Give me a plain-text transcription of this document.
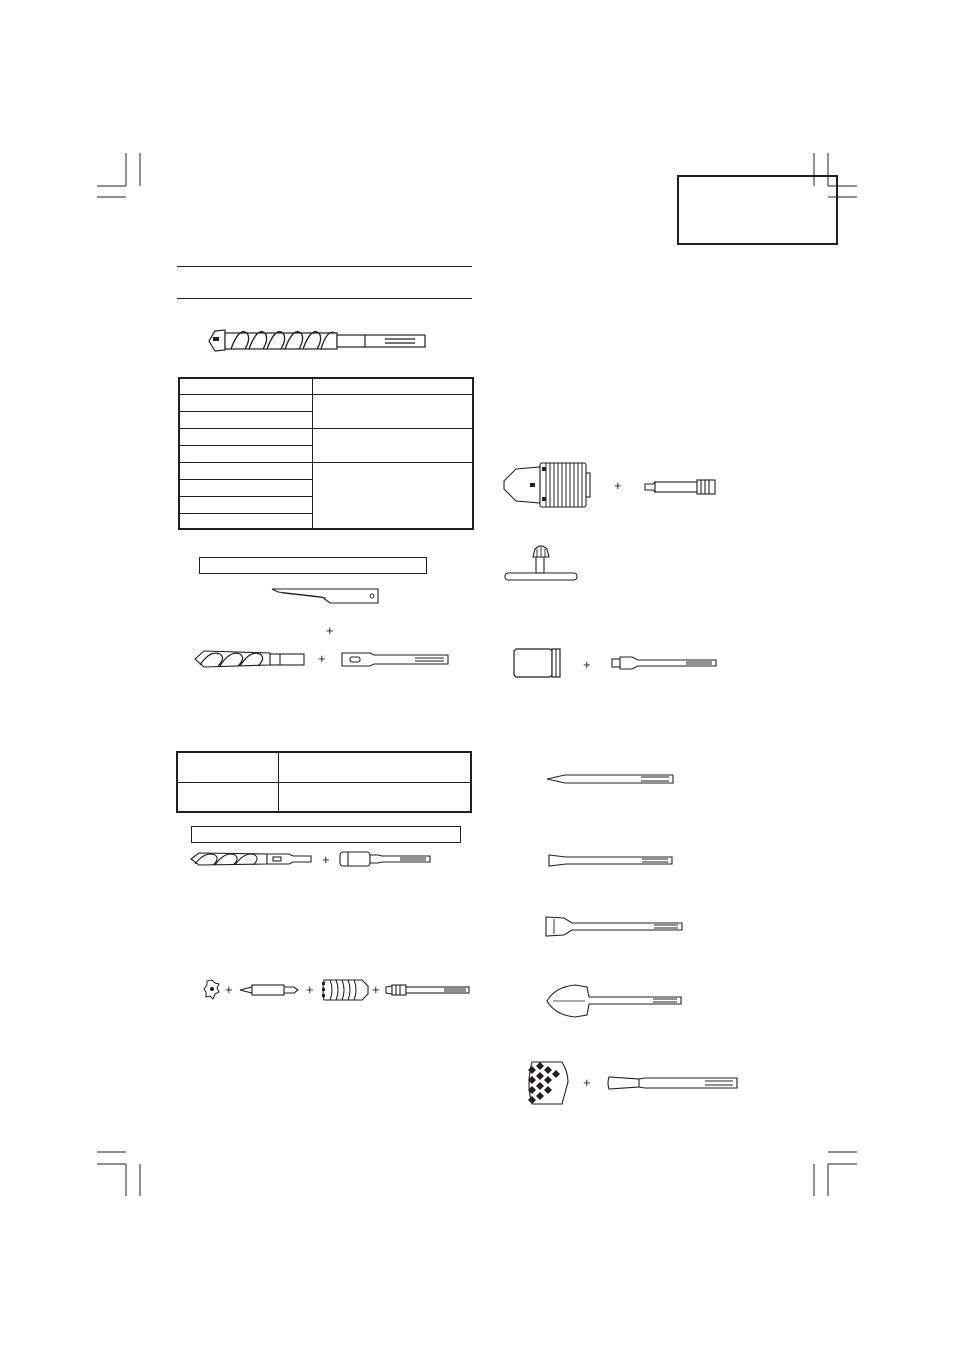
+
+

+
+	+	+
+
+
+
